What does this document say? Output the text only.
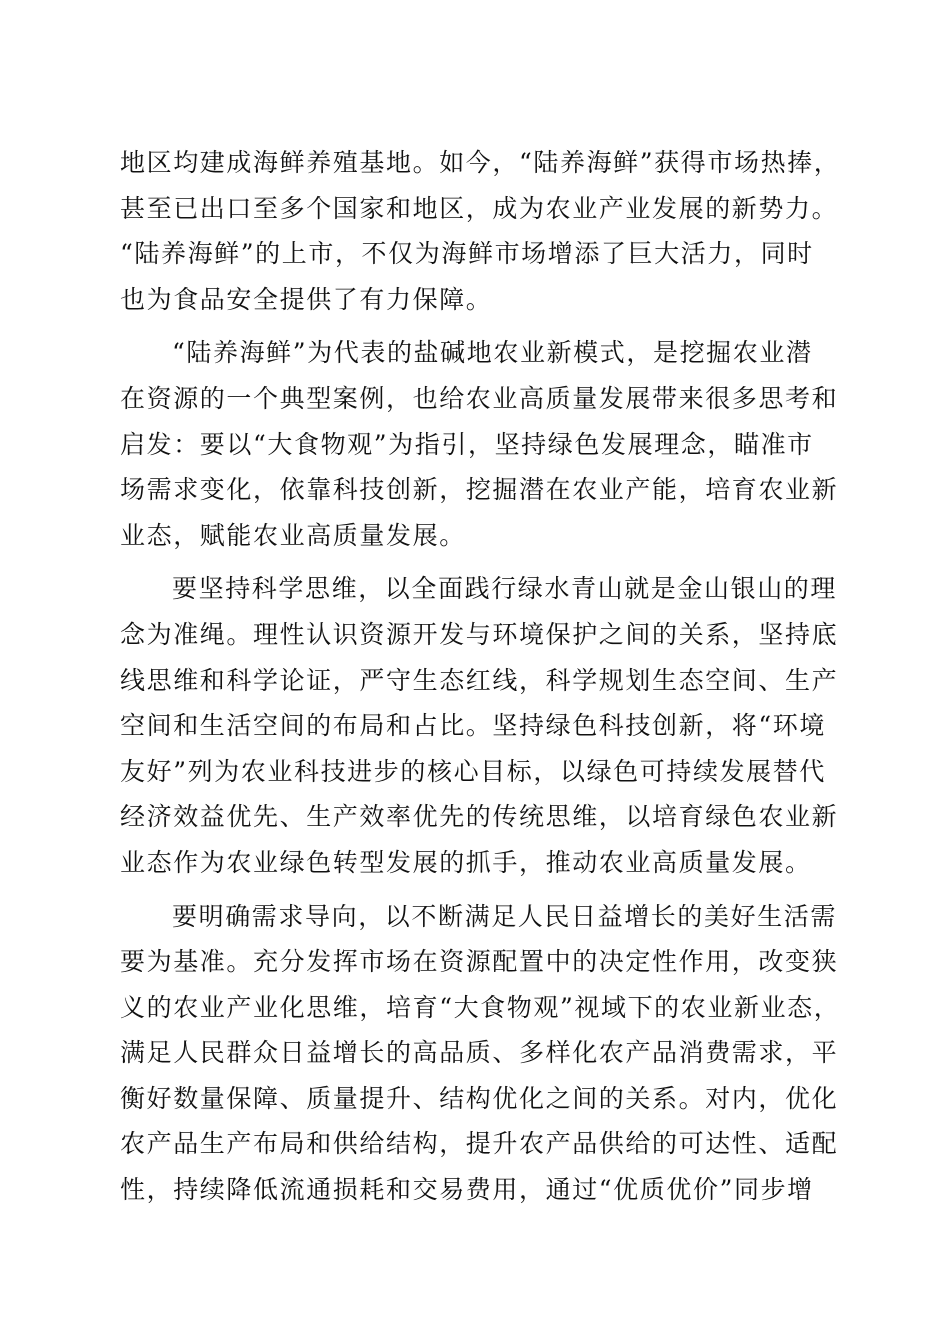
地区均建成海鲜养殖基地。如今，“陆养海鲜”获得市场热捧，
甚至已出口至多个国家和地区，成为农业产业发展的新势力。
“陆养海鲜”的上市，不仅为海鲜市场增添了巨大活力，同时
也为食品安全提供了有力保障。
“陆养海鲜”为代表的盐碱地农业新模式，是挖掘农业潜
在资源的一个典型案例，也给农业高质量发展带来很多思考和
启发：要以“大食物观”为指引，坚持绿色发展理念，瞄准市
场需求变化，依靠科技创新，挖掘潜在农业产能，培育农业新
业态，赋能农业高质量发展。
要坚持科学思维，以全面践行绿水青山就是金山银山的理
念为准绳。理性认识资源开发与环境保护之间的关系，坚持底
线思维和科学论证，严守生态红线，科学规划生态空间、生产
空间和生活空间的布局和占比。坚持绿色科技创新，将“环境
友好”列为农业科技进步的核心目标，以绿色可持续发展替代
经济效益优先、生产效率优先的传统思维，以培育绿色农业新
业态作为农业绿色转型发展的抓手，推动农业高质量发展。
要明确需求导向，以不断满足人民日益增长的美好生活需
要为基准。充分发挥市场在资源配置中的决定性作用，改变狭
义的农业产业化思维，培育“大食物观”视域下的农业新业态，
满足人民群众日益增长的高品质、多样化农产品消费需求，平
衡好数量保障、质量提升、结构优化之间的关系。对内，优化
农产品生产布局和供给结构，提升农产品供给的可达性、适配
性，持续降低流通损耗和交易费用，通过“优质优价”同步增
